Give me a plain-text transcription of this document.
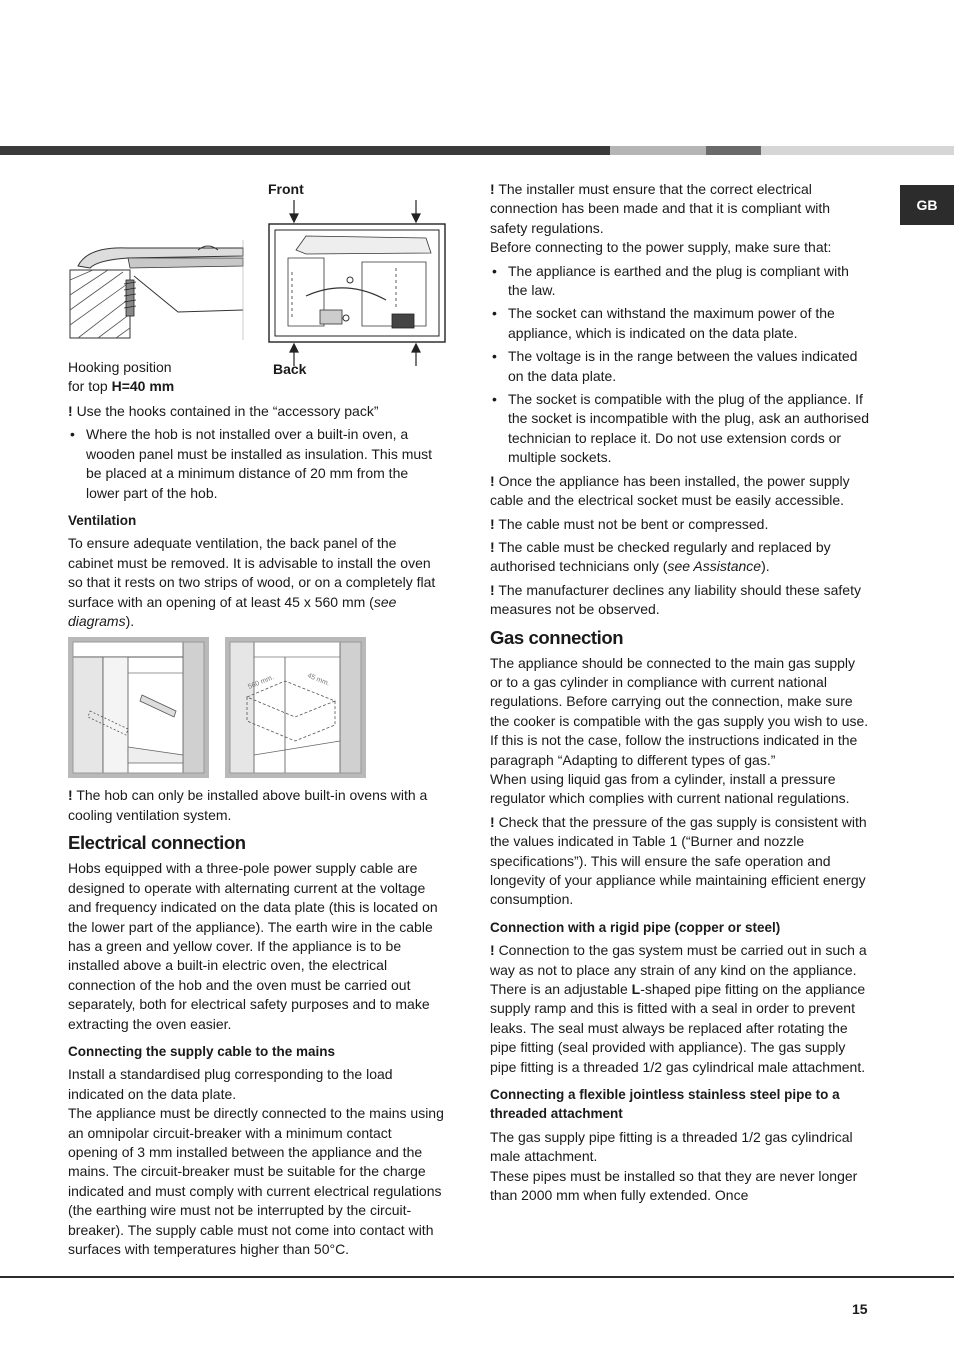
GB
Front
Back
Hooking position
for top H=40 mm

! Use the hooks contained in the “accessory pack”

• Where the hob is not installed over a built-in oven, a wooden panel must be installed as insulation. This must be placed at a minimum distance of 20 mm from the lower part of the hob.
Ventilation

To ensure adequate ventilation, the back panel of the cabinet must be removed. It is advisable to install the oven so that it rests on two strips of wood, or on a completely flat surface with an opening of at least 45 x 560 mm (see diagrams).

560 mm.	45 mm.

! The hob can only be installed above built-in ovens with a cooling ventilation system.

Electrical connection

Hobs equipped with a three-pole power supply cable are designed to operate with alternating current at the voltage and frequency indicated on the data plate (this is located on the lower part of the appliance). The earth wire in the cable has a green and yellow cover. If the appliance is to be installed above a built-in electric oven, the electrical connection of the hob and the oven must be carried out separately, both for electrical safety purposes and to make extracting the oven easier.

Connecting the supply cable to the mains

Install a standardised plug corresponding to the load indicated on the data plate.
The appliance must be directly connected to the mains using an omnipolar circuit-breaker with a minimum contact opening of 3 mm installed between the appliance and the mains. The circuit-breaker must be suitable for the charge indicated and must comply with current electrical regulations (the earthing wire must not be interrupted by the circuit-breaker). The supply cable must not come into contact with surfaces with temperatures higher than 50°C.

! The installer must ensure that the correct electrical connection has been made and that it is compliant with safety regulations.
Before connecting to the power supply, make sure that:

• The appliance is earthed and the plug is compliant with the law.
• The socket can withstand the maximum power of the appliance, which is indicated on the data plate.
• The voltage is in the range between the values indicated on the data plate.
• The socket is compatible with the plug of the appliance. If the socket is incompatible with the plug, ask an authorised technician to replace it. Do not use extension cords or multiple sockets.

! Once the appliance has been installed, the power supply cable and the electrical socket must be easily accessible.

! The cable must not be bent or compressed.

! The cable must be checked regularly and replaced by authorised technicians only (see Assistance).

! The manufacturer declines any liability should these safety measures not be observed.

Gas connection

The appliance should be connected to the main gas supply or to a gas cylinder in compliance with current national regulations. Before carrying out the connection, make sure the cooker is compatible with the gas supply you wish to use. If this is not the case, follow the instructions indicated in the paragraph “Adapting to different types of gas.”
When using liquid gas from a cylinder, install a pressure regulator which complies with current national regulations.

! Check that the pressure of the gas supply is consistent with the values indicated in Table 1 (“Burner and nozzle specifications”). This will ensure the safe operation and longevity of your appliance while maintaining efficient energy consumption.

Connection with a rigid pipe (copper or steel)

! Connection to the gas system must be carried out in such a way as not to place any strain of any kind on the appliance.
There is an adjustable L-shaped pipe fitting on the appliance supply ramp and this is fitted with a seal in order to prevent leaks. The seal must always be replaced after rotating the pipe fitting (seal provided with appliance). The gas supply pipe fitting is a threaded 1/2 gas cylindrical male attachment.

Connecting a flexible jointless stainless steel pipe to a threaded attachment

The gas supply pipe fitting is a threaded 1/2 gas cylindrical male attachment.
These pipes must be installed so that they are never longer than 2000 mm when fully extended. Once

15
